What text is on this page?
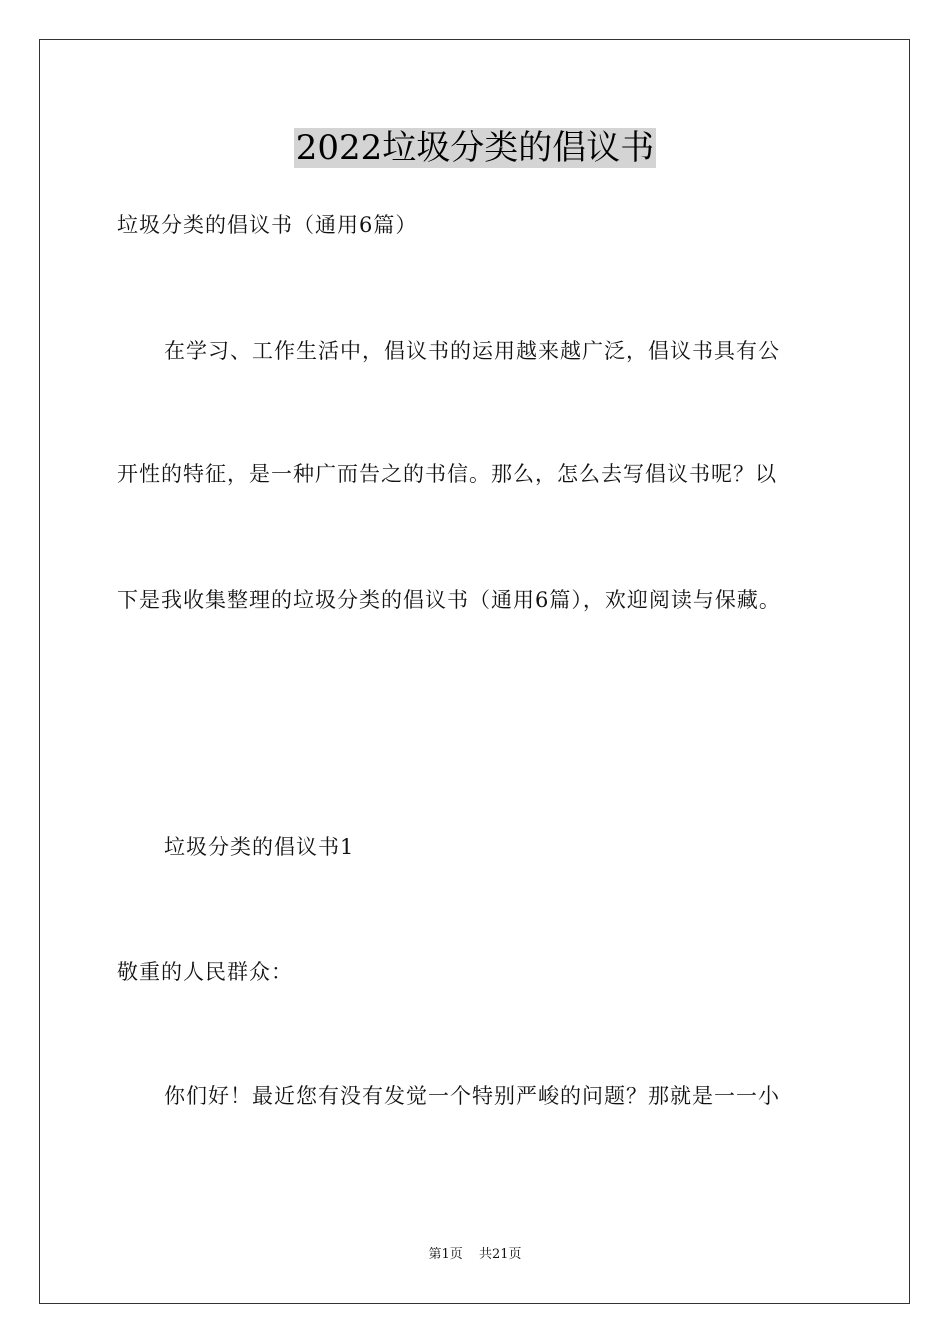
2022垃圾分类的倡议书
垃圾分类的倡议书（通用6篇）
在学习、工作生活中，倡议书的运用越来越广泛，倡议书具有公
开性的特征，是一种广而告之的书信。那么，怎么去写倡议书呢？以
下是我收集整理的垃圾分类的倡议书（通用6篇），欢迎阅读与保藏。
垃圾分类的倡议书1
敬重的人民群众：
你们好！最近您有没有发觉一个特别严峻的问题？那就是一一小
第1页 共21页
